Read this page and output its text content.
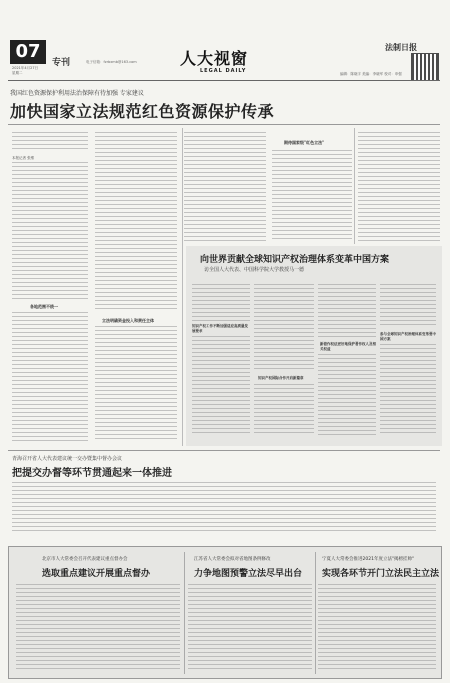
07
2021年4月27日
星期二
专刊	电子信箱：fzrbxmb@163.com	人大视窗
LEGAL DAILY
法制日报
编辑：陈晓宇 美编：李晓军 校对：申强
我国红色资源保护利用法治保障有待加强 专家建议
加快国家立法规范红色资源保护传承
本报记者 张维
各地范围不统一
立法明确资金投入和责任主体
期待国家级"红色立法"
向世界贡献全球知识产权治理体系变革中国方案
访全国人大代表、中国科学院大学教授马一德
知识产权工作不断加强适应高质量发展要求
知识产权国际合作开启新篇章
新着作权法更好地保护著作权人及相关权益
参与全球知识产权治理体系变革要中国方案
青海召开省人大代表建议统一交办暨集中督办会议
把提交办督等环节贯通起来一体推进
北京市人大常委会召开代表建议重点督办会
选取重点建议开展重点督办
江苏省人大常委会拟对省地图条例修改
力争地图预警立法尽早出台
宁夏人大常委会推进2021年度立法"揭榜挂帅"
实现各环节开门立法民主立法
